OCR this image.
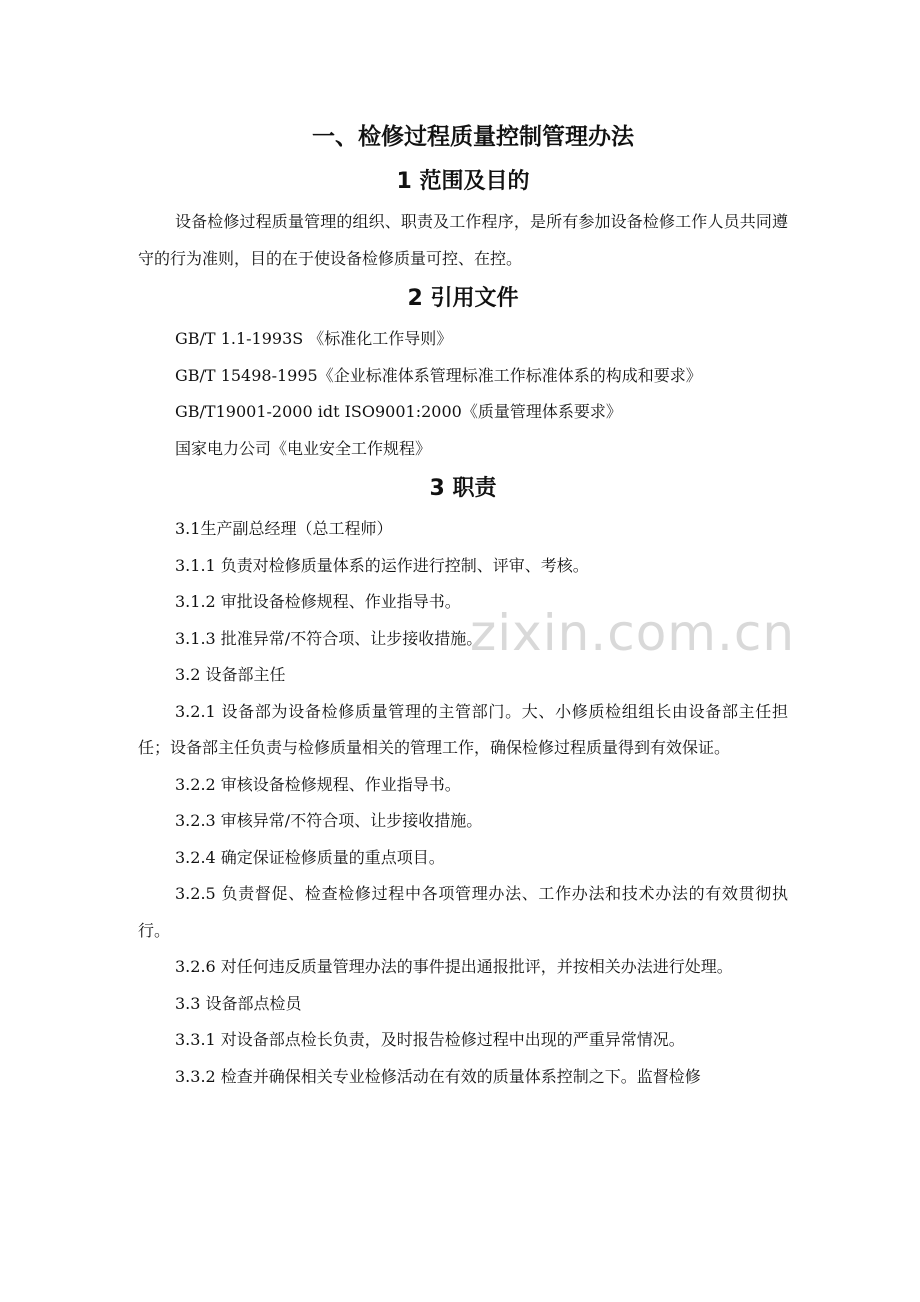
zixin.com.cn
一、检修过程质量控制管理办法
1 范围及目的

设备检修过程质量管理的组织、职责及工作程序，是所有参加设备检修工作人员共同遵守的行为准则，目的在于使设备检修质量可控、在控。

2 引用文件

GB/T 1.1-1993S 《标准化工作导则》

GB/T 15498-1995《企业标准体系管理标准工作标准体系的构成和要求》

GB/T19001-2000 idt ISO9001:2000《质量管理体系要求》

国家电力公司《电业安全工作规程》

3 职责

3.1生产副总经理（总工程师）

3.1.1 负责对检修质量体系的运作进行控制、评审、考核。

3.1.2 审批设备检修规程、作业指导书。

3.1.3 批准异常/不符合项、让步接收措施。

3.2 设备部主任

3.2.1 设备部为设备检修质量管理的主管部门。大、小修质检组组长由设备部主任担任；设备部主任负责与检修质量相关的管理工作，确保检修过程质量得到有效保证。

3.2.2 审核设备检修规程、作业指导书。

3.2.3 审核异常/不符合项、让步接收措施。

3.2.4 确定保证检修质量的重点项目。

3.2.5 负责督促、检查检修过程中各项管理办法、工作办法和技术办法的有效贯彻执行。

3.2.6 对任何违反质量管理办法的事件提出通报批评，并按相关办法进行处理。

3.3 设备部点检员

3.3.1 对设备部点检长负责，及时报告检修过程中出现的严重异常情况。

3.3.2 检查并确保相关专业检修活动在有效的质量体系控制之下。监督检修
